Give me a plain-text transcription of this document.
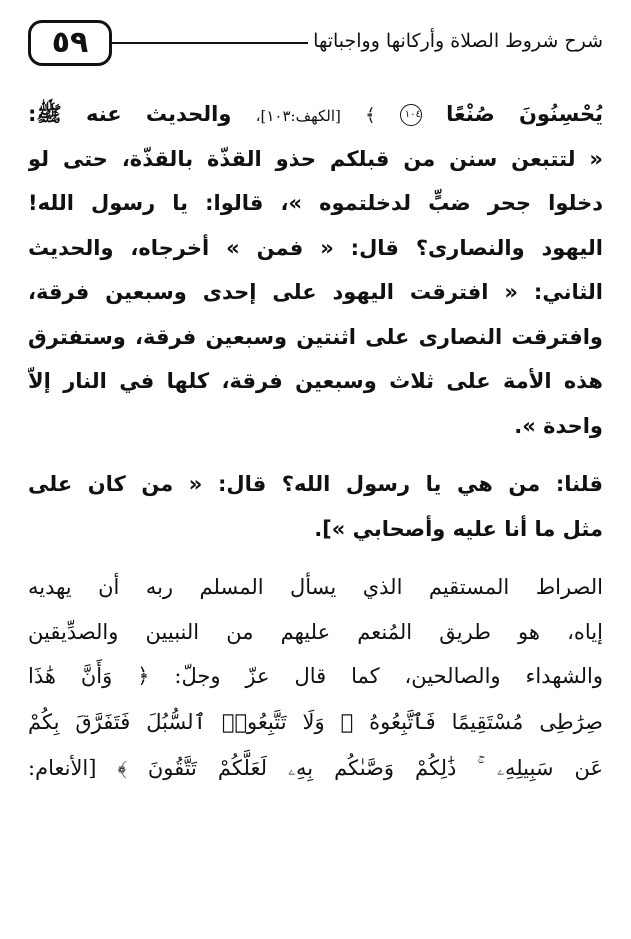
٥٩	شرح شروط الصلاة وأركانها وواجباتها
يُحْسِنُونَ صُنْعًا ١٠٤ ﴾ [الكهف:١٠٣]، والحديث عنه ﷺ:
« لتتبعن سنن من قبلكم حذو القذّة بالقذّة، حتى لو
دخلوا جحر ضبٍّ لدخلتموه »، قالوا: يا رسول الله!
اليهود والنصارى؟ قال: « فمن » أخرجاه، والحديث
الثاني: « افترقت اليهود على إحدى وسبعين فرقة،
وافترقت النصارى على اثنتين وسبعين فرقة، وستفترق
هذه الأمة على ثلاث وسبعين فرقة، كلها في النار إلاّ
واحدة ».
قلنا: من هي يا رسول الله؟ قال: « من كان على
مثل ما أنا عليه وأصحابي »].
الصراط المستقيم الذي يسأل المسلم ربه أن يهديه
إياه، هو طريق المُنعم عليهم من النبيين والصدِّيقين
والشهداء والصالحين، كما قال عزّ وجلّ: ﴿ وَأَنَّ هَٰذَا
صِرَٰطِى مُسْتَقِيمًا فَٱتَّبِعُوهُ ۖ وَلَا تَتَّبِعُوا۟ ٱلسُّبُلَ فَتَفَرَّقَ بِكُمْ
عَن سَبِيلِهِۦ ۚ ذَٰلِكُمْ وَصَّىٰكُم بِهِۦ لَعَلَّكُمْ تَتَّقُونَ ﴾ [الأنعام:
